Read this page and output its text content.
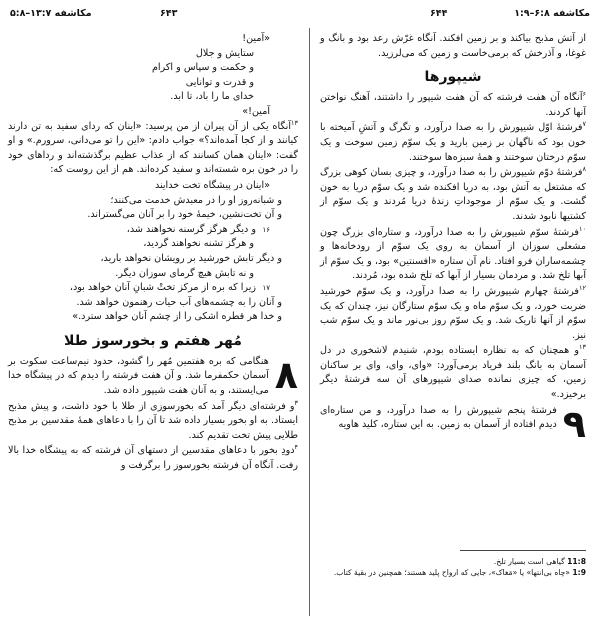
مکاشفه ۱۳:۷–۵:۸	۶۴۳	۶۴۴	مکاشفه ۶:۸–۱:۹

از آتش مذبح بیاکند و بر زمین افکند. آنگاه غرّش رعد بود و بانگ و غوغا، و آذرخش که برمی‌خاست و زمین که می‌لرزید.

شیپورها

$^۶$آنگاه آن هفت فرشته که آن هفت شیپور را داشتند، آهنگ نواختن آنها کردند.

$^۷$فرشتۀ اوّل شیپورش را به صدا درآورد، و تگرگ و آتشِ آمیخته با خون بود که ناگهان بر زمین بارید و یک سوّم زمین سوخت و یک سوّم درختان سوختند و همهٔ سبزه‌ها سوختند.

$^۸$فرشتۀ دوّم شیپورش را به صدا درآورد، و چیزی بسان کوهی بزرگ که مشتعل به آتش بود، به دریا افکنده شد و یک سوّم دریا به خون گشت. و یک سوّم از موجوداتِ زندۀ دریا مُردند و یک سوّم از کشتیها نابود شدند.

$^{۱۰}$فرشتۀ سوّم شیپورش را به صدا درآورد، و ستاره‌ای بزرگ چون مشعلی سوزان از آسمان به روی یک سوّم از رودخانه‌ها و چشمه‌ساران فرو افتاد. نام آن ستاره «افسنتین» بود، و یک سوّم از آبها تلخ شد. و مردمان بسیار از آبها که تلخ شده بود، مُردند.

$^{۱۲}$فرشتۀ چهارم شیپورش را به صدا درآورد، و یک سوّم خورشید ضربت خورد، و یک سوّم ماه و یک سوّم ستارگان نیز، چندان که یک سوّم از آنها تاریک شد. و یک سوّم روز بی‌نور ماند و یک سوّم شب نیز.

$^{۱۳}$و همچنان که به نظاره ایستاده بودم، شنیدم لاشخوری در دل آسمان به بانگ بلند فریاد برمی‌آورد: «وای، وای، وای بر ساکنان زمین، که چیزی نمانده صدای شیپورهای آن سه فرشتۀ دیگر برخیزد.»

۹
فرشتۀ پنجم شیپورش را به صدا درآورد، و من ستاره‌ای دیدم افتاده از آسمان به زمین. به این ستاره، کلید هاویه

11:8 گیاهی است بسیار تلخ.

1:9 «چاه بی‌انتها» یا «مَغاک»، جایی که ارواح پلید هستند؛ همچنین در بقیهٔ کتاب.

«آمین!

ستایش و جلال

و حکمت و سپاس و اکرام

و قدرت و توانایی

خدای ما را باد، تا ابد.

آمین!»

$^{۱۳}$آنگاه یکی از آن پیران از من پرسید: «اینان که ردای سفید به تن دارند کیانند و از کجا آمده‌اند؟» جواب دادم: «این را تو می‌دانی، سرورم.» و او گفت: «اینان همان کسانند که از عذاب عظیم برگذشته‌اند و رداهای خود را در خون بره شسته‌اند و سفید کرده‌اند. هم از این روست که:

«اینان در پیشگاه تخت خدایند

و شبانه‌روز او را در معبدش خدمت می‌کنند؛

و آن تخت‌نشین، خیمهٔ خود را بر آنان می‌گستراند.

۱۶و دیگر هرگز گرسنه نخواهند شد،

و هرگز تشنه نخواهند گردید،

و دیگر تابش خورشید بر رویشان نخواهد بارید،

و نه تابش هیچ گرمای سوزان دیگر.

۱۷زیرا که بره از مرکز تختْ شبانِ آنان خواهد بود،

و آنان را به چشمه‌های آب حیات رهنمون خواهد شد.

و خدا هر قطره اشکی را از چشم آنان خواهد سترد.»

مُهر هفتم و بخورسوز طلا

۸
هنگامی که بره هفتمین مُهر را گشود، حدود نیم‌ساعت سکوت بر آسمان حکمفرما شد. و آن هفت فرشته را دیدم که در پیشگاه خدا می‌ایستند، و به آنان هفت شیپور داده شد.

$^۳$و فرشته‌ای دیگر آمد که بخورسوزی از طلا با خود داشت، و پیش مذبح ایستاد. به او بخور بسیار داده شد تا آن را با دعاهای همهٔ مقدسین بر مذبح طلایی پیش تخت تقدیم کند.

$^۴$دودِ بخور با دعاهای مقدسین از دستهای آن فرشته که به پیشگاه خدا بالا رفت. آنگاه آن فرشته بخورسوز را برگرفت و
